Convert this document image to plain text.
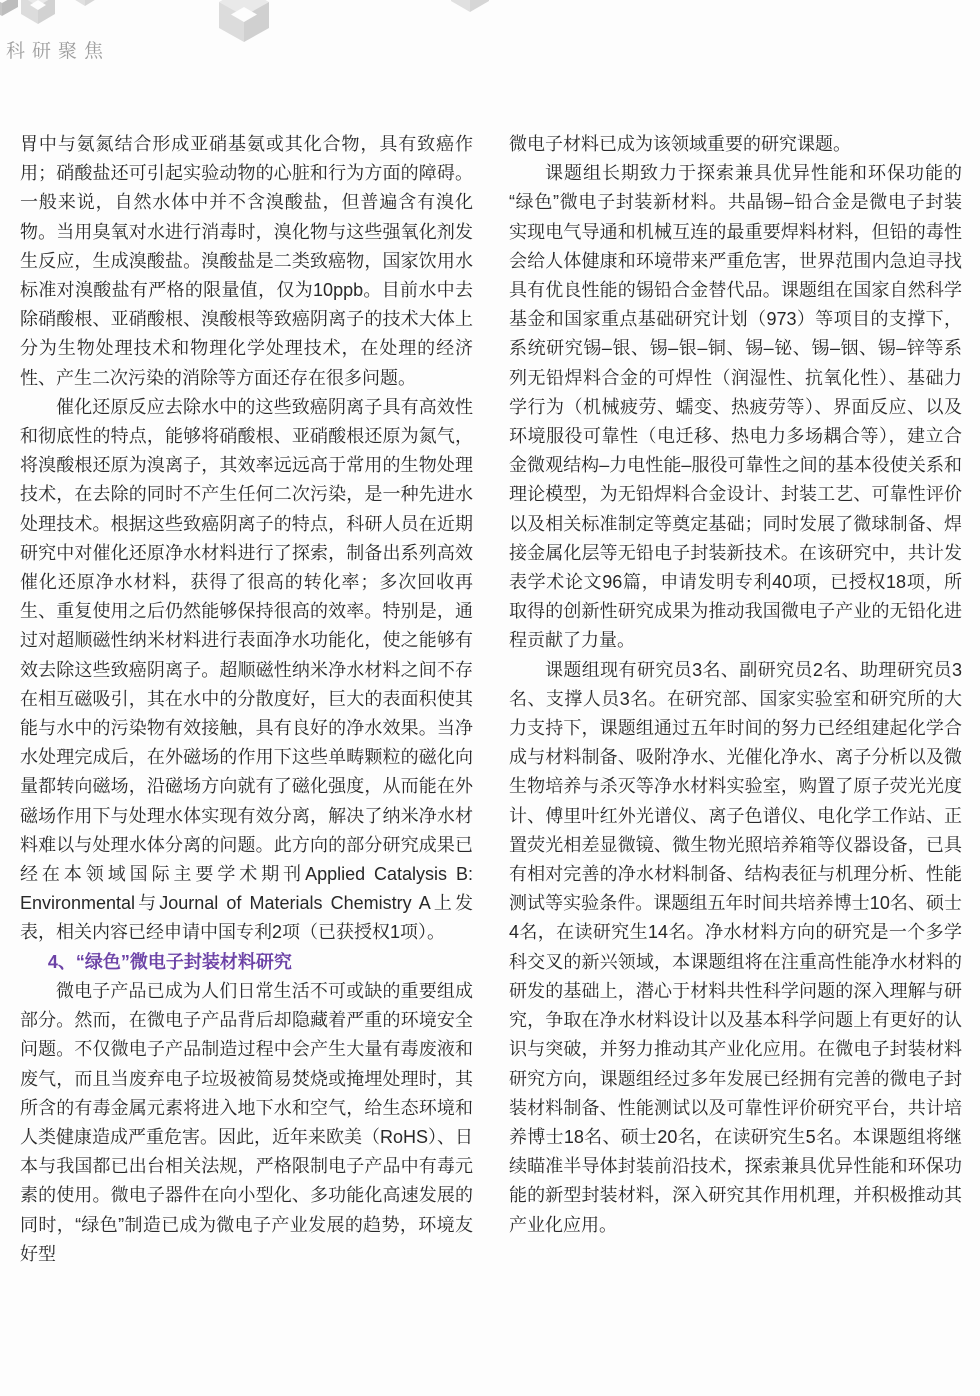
科研聚焦

胃中与氨氮结合形成亚硝基氨或其化合物，具有致癌作用；硝酸盐还可引起实验动物的心脏和行为方面的障碍。一般来说，自然水体中并不含溴酸盐，但普遍含有溴化物。当用臭氧对水进行消毒时，溴化物与这些强氧化剂发生反应，生成溴酸盐。溴酸盐是二类致癌物，国家饮用水标准对溴酸盐有严格的限量值，仅为10ppb。目前水中去除硝酸根、亚硝酸根、溴酸根等致癌阴离子的技术大体上分为生物处理技术和物理化学处理技术，在处理的经济性、产生二次污染的消除等方面还存在很多问题。

催化还原反应去除水中的这些致癌阴离子具有高效性和彻底性的特点，能够将硝酸根、亚硝酸根还原为氮气，将溴酸根还原为溴离子，其效率远远高于常用的生物处理技术，在去除的同时不产生任何二次污染，是一种先进水处理技术。根据这些致癌阴离子的特点，科研人员在近期研究中对催化还原净水材料进行了探索，制备出系列高效催化还原净水材料，获得了很高的转化率；多次回收再生、重复使用之后仍然能够保持很高的效率。特别是，通过对超顺磁性纳米材料进行表面净水功能化，使之能够有效去除这些致癌阴离子。超顺磁性纳米净水材料之间不存在相互磁吸引，其在水中的分散度好，巨大的表面积使其能与水中的污染物有效接触，具有良好的净水效果。当净水处理完成后，在外磁场的作用下这些单畴颗粒的磁化向量都转向磁场，沿磁场方向就有了磁化强度，从而能在外磁场作用下与处理水体实现有效分离，解决了纳米净水材料难以与处理水体分离的问题。此方向的部分研究成果已经在本领域国际主要学术期刊Applied Catalysis B: Environmental与Journal of Materials Chemistry A上发表，相关内容已经申请中国专利2项（已获授权1项）。

4、“绿色”微电子封装材料研究

微电子产品已成为人们日常生活不可或缺的重要组成部分。然而，在微电子产品背后却隐藏着严重的环境安全问题。不仅微电子产品制造过程中会产生大量有毒废液和废气，而且当废弃电子垃圾被简易焚烧或掩埋处理时，其所含的有毒金属元素将进入地下水和空气，给生态环境和人类健康造成严重危害。因此，近年来欧美（RoHS）、日本与我国都已出台相关法规，严格限制电子产品中有毒元素的使用。微电子器件在向小型化、多功能化高速发展的同时，“绿色”制造已成为微电子产业发展的趋势，环境友好型

微电子材料已成为该领域重要的研究课题。

课题组长期致力于探索兼具优异性能和环保功能的“绿色”微电子封装新材料。共晶锡–铅合金是微电子封装实现电气导通和机械互连的最重要焊料材料，但铅的毒性会给人体健康和环境带来严重危害，世界范围内急迫寻找具有优良性能的锡铅合金替代品。课题组在国家自然科学基金和国家重点基础研究计划（973）等项目的支撑下，系统研究锡–银、锡–银–铜、锡–铋、锡–铟、锡–锌等系列无铅焊料合金的可焊性（润湿性、抗氧化性）、基础力学行为（机械疲劳、蠕变、热疲劳等）、界面反应、以及环境服役可靠性（电迁移、热电力多场耦合等），建立合金微观结构–力电性能–服役可靠性之间的基本役使关系和理论模型，为无铅焊料合金设计、封装工艺、可靠性评价以及相关标准制定等奠定基础；同时发展了微球制备、焊接金属化层等无铅电子封装新技术。在该研究中，共计发表学术论文96篇，申请发明专利40项，已授权18项，所取得的创新性研究成果为推动我国微电子产业的无铅化进程贡献了力量。

课题组现有研究员3名、副研究员2名、助理研究员3名、支撑人员3名。在研究部、国家实验室和研究所的大力支持下，课题组通过五年时间的努力已经组建起化学合成与材料制备、吸附净水、光催化净水、离子分析以及微生物培养与杀灭等净水材料实验室，购置了原子荧光光度计、傅里叶红外光谱仪、离子色谱仪、电化学工作站、正置荧光相差显微镜、微生物光照培养箱等仪器设备，已具有相对完善的净水材料制备、结构表征与机理分析、性能测试等实验条件。课题组五年时间共培养博士10名、硕士4名，在读研究生14名。净水材料方向的研究是一个多学科交叉的新兴领域，本课题组将在注重高性能净水材料的研发的基础上，潜心于材料共性科学问题的深入理解与研究，争取在净水材料设计以及基本科学问题上有更好的认识与突破，并努力推动其产业化应用。在微电子封装材料研究方向，课题组经过多年发展已经拥有完善的微电子封装材料制备、性能测试以及可靠性评价研究平台，共计培养博士18名、硕士20名，在读研究生5名。本课题组将继续瞄准半导体封装前沿技术，探索兼具优异性能和环保功能的新型封装材料，深入研究其作用机理，并积极推动其产业化应用。
